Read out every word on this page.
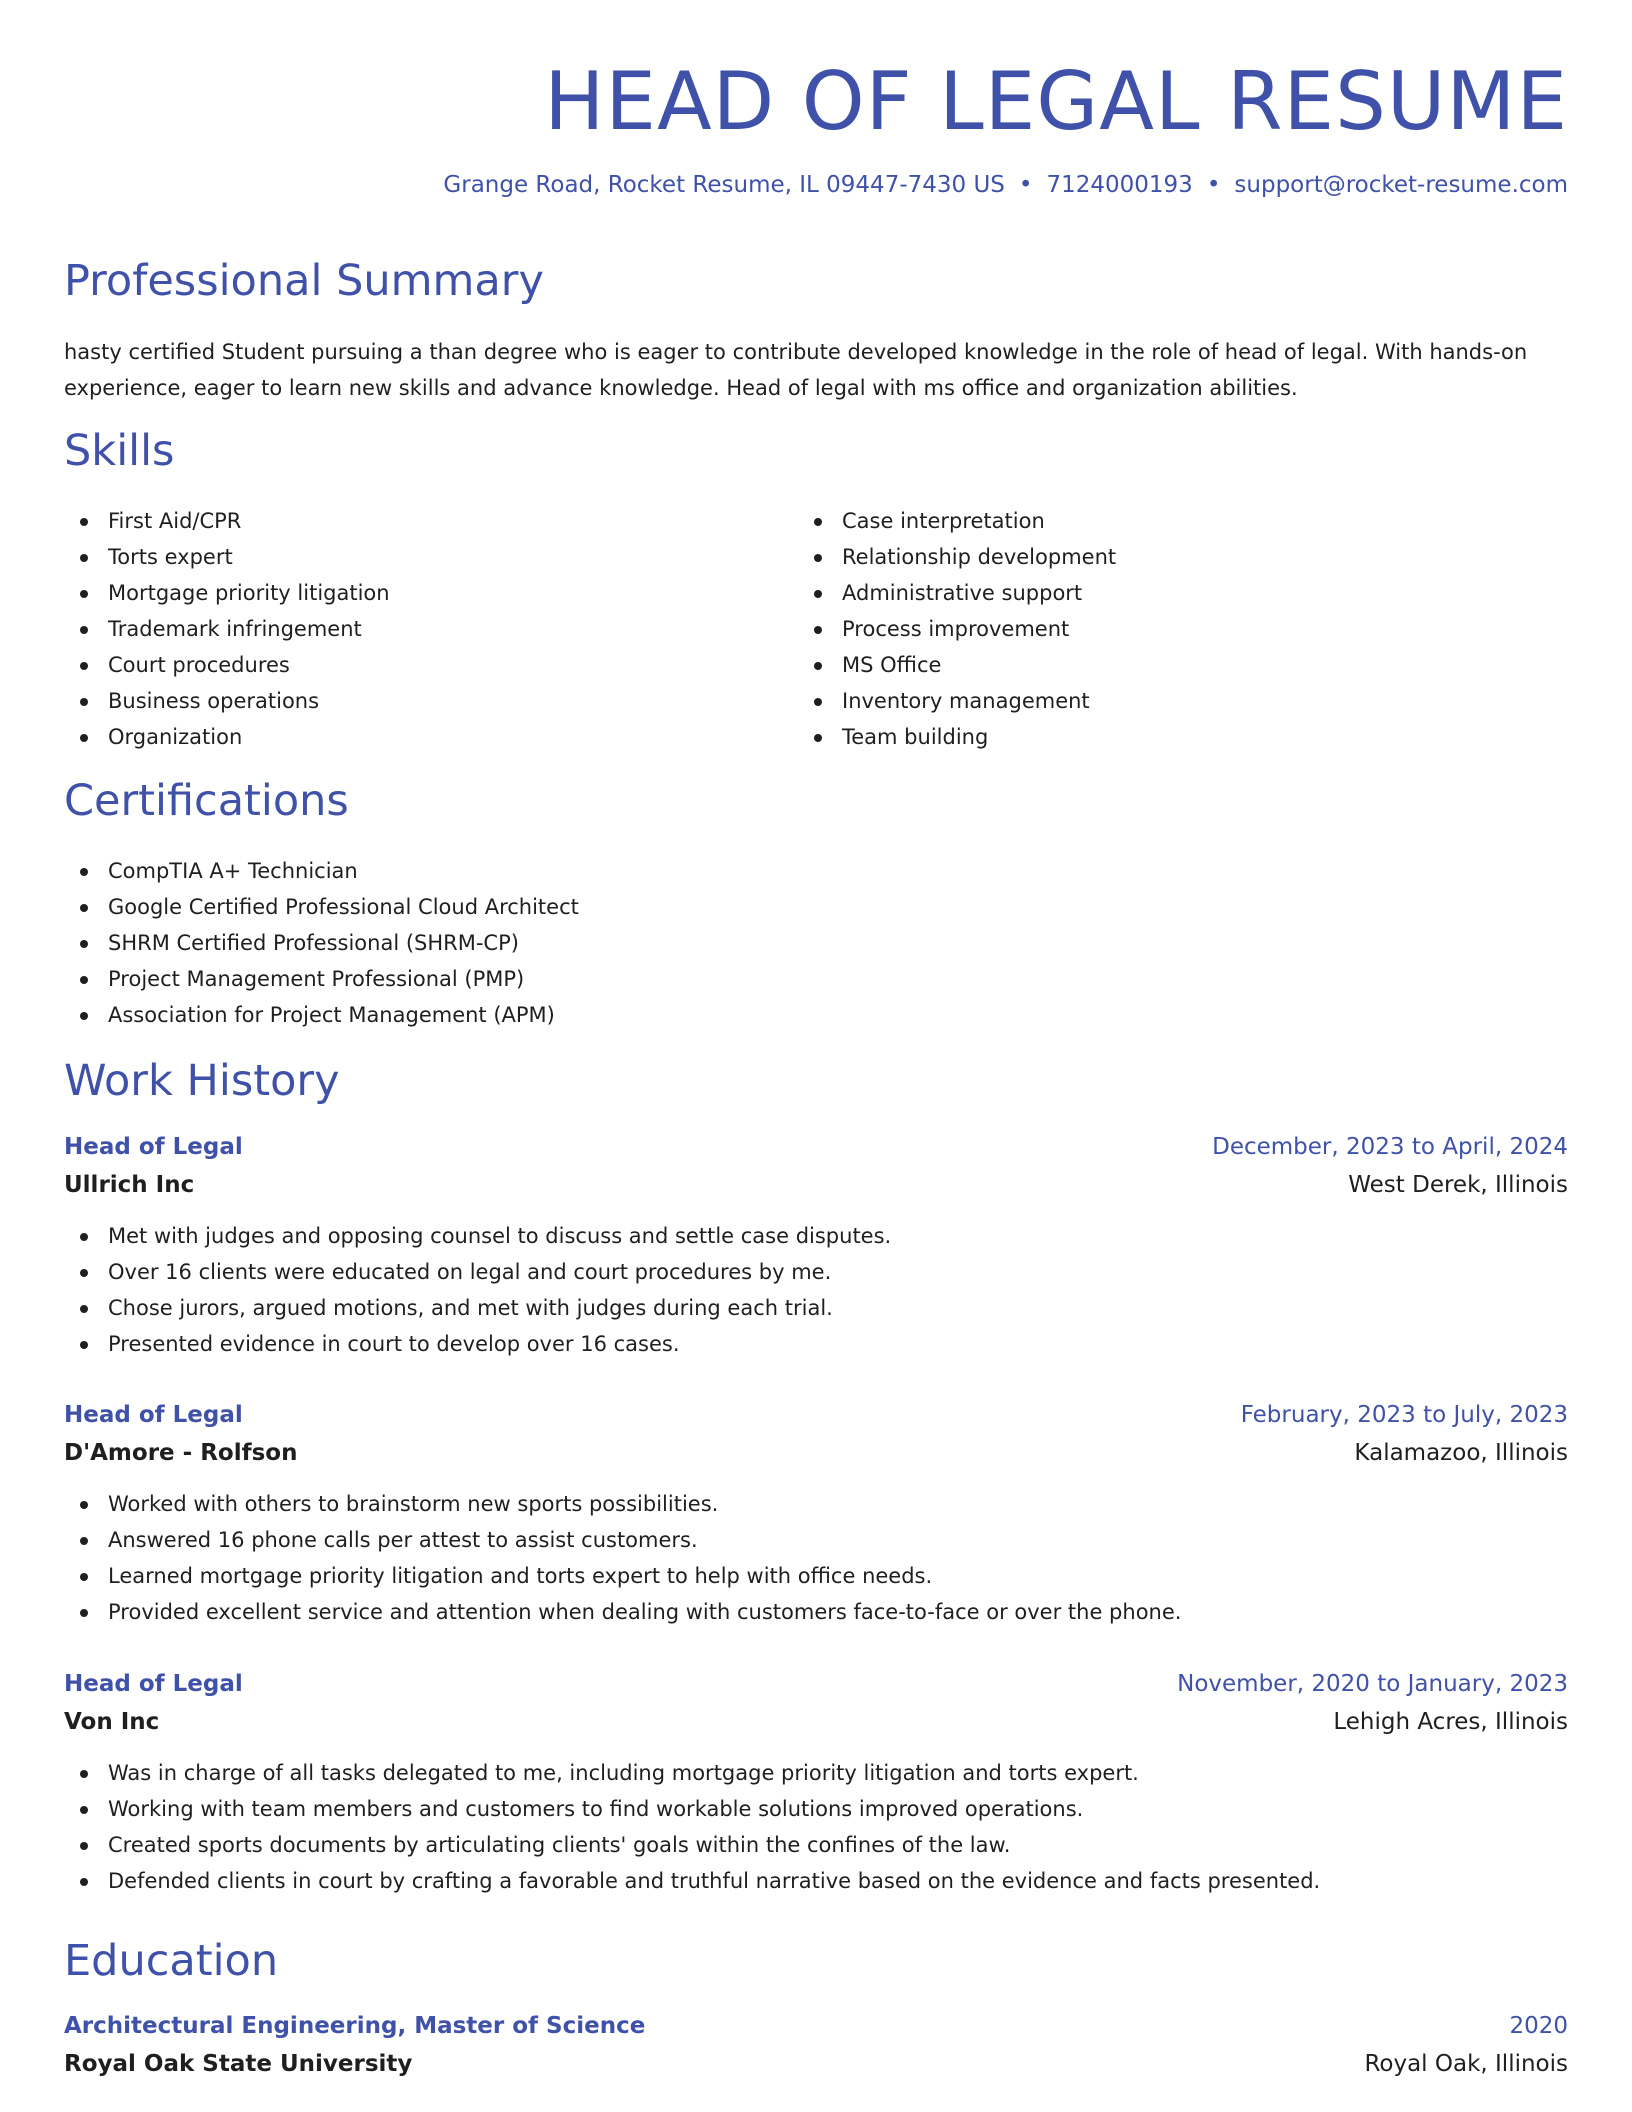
HEAD OF LEGAL RESUME
Grange Road, Rocket Resume, IL 09447-7430 US • 7124000193 • support@rocket-resume.com
Professional Summary

hasty certified Student pursuing a than degree who is eager to contribute developed knowledge in the role of head of legal. With hands-on experience, eager to learn new skills and advance knowledge. Head of legal with ms office and organization abilities.

Skills
First Aid/CPR
Torts expert
Mortgage priority litigation
Trademark infringement
Court procedures
Business operations
Organization
Case interpretation
Relationship development
Administrative support
Process improvement
MS Office
Inventory management
Team building
Certifications
CompTIA A+ Technician
Google Certified Professional Cloud Architect
SHRM Certified Professional (SHRM-CP)
Project Management Professional (PMP)
Association for Project Management (APM)
Work History
Head of Legal	December, 2023 to April, 2024
Ullrich Inc	West Derek, Illinois
Met with judges and opposing counsel to discuss and settle case disputes.
Over 16 clients were educated on legal and court procedures by me.
Chose jurors, argued motions, and met with judges during each trial.
Presented evidence in court to develop over 16 cases.
Head of Legal	February, 2023 to July, 2023
D'Amore - Rolfson	Kalamazoo, Illinois
Worked with others to brainstorm new sports possibilities.
Answered 16 phone calls per attest to assist customers.
Learned mortgage priority litigation and torts expert to help with office needs.
Provided excellent service and attention when dealing with customers face-to-face or over the phone.
Head of Legal	November, 2020 to January, 2023
Von Inc	Lehigh Acres, Illinois
Was in charge of all tasks delegated to me, including mortgage priority litigation and torts expert.
Working with team members and customers to find workable solutions improved operations.
Created sports documents by articulating clients' goals within the confines of the law.
Defended clients in court by crafting a favorable and truthful narrative based on the evidence and facts presented.
Education
Architectural Engineering, Master of Science	2020
Royal Oak State University	Royal Oak, Illinois
